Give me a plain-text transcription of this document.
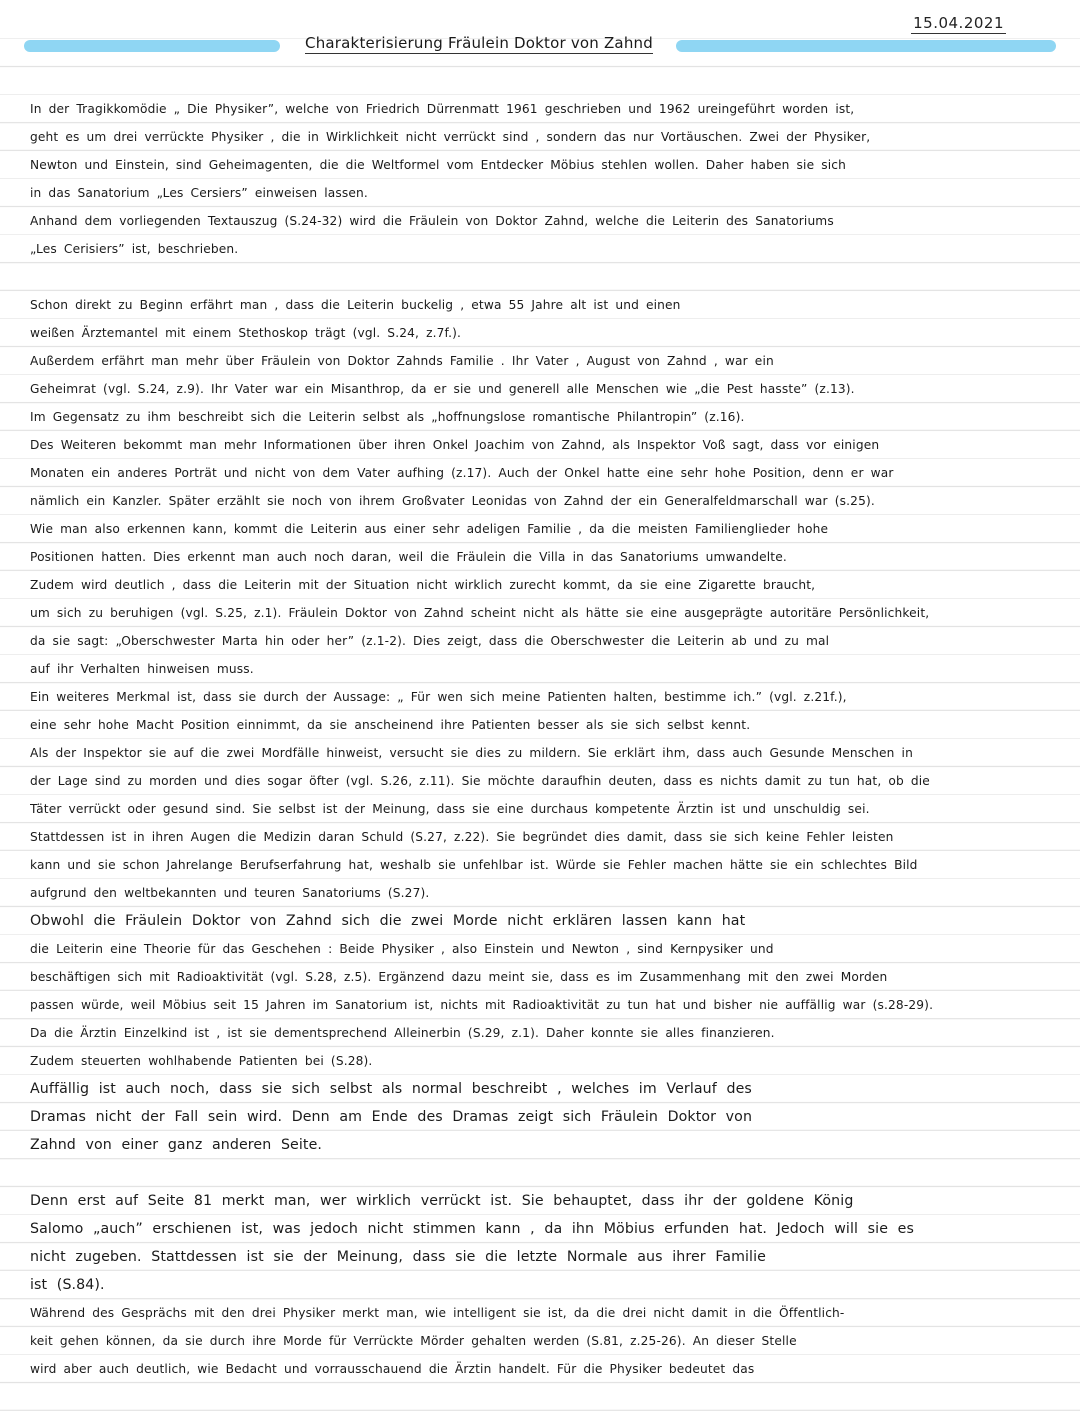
15.04.2021
Charakterisierung Fräulein Doktor von Zahnd
In der Tragikkomödie „ Die Physiker”, welche von Friedrich Dürrenmatt 1961 geschrieben und 1962 ureingeführt worden ist,
geht es um drei verrückte Physiker , die in Wirklichkeit nicht verrückt sind , sondern das nur Vortäuschen. Zwei der Physiker,
Newton und Einstein, sind Geheimagenten, die die Weltformel vom Entdecker Möbius stehlen wollen. Daher haben sie sich
in das Sanatorium „Les Cersiers” einweisen lassen.
Anhand dem vorliegenden Textauszug (S.24-32) wird die Fräulein von Doktor Zahnd, welche die Leiterin des Sanatoriums
„Les Cerisiers” ist, beschrieben.
Schon direkt zu Beginn erfährt man , dass die Leiterin buckelig , etwa 55 Jahre alt ist und einen
weißen Ärztemantel mit einem Stethoskop trägt (vgl. S.24, z.7f.).
Außerdem erfährt man mehr über Fräulein von Doktor Zahnds Familie . Ihr Vater , August von Zahnd , war ein
Geheimrat (vgl. S.24, z.9). Ihr Vater war ein Misanthrop, da er sie und generell alle Menschen wie „die Pest hasste” (z.13).
Im Gegensatz zu ihm beschreibt sich die Leiterin selbst als „hoffnungslose romantische Philantropin” (z.16).
Des Weiteren bekommt man mehr Informationen über ihren Onkel Joachim von Zahnd, als Inspektor Voß sagt, dass vor einigen
Monaten ein anderes Porträt und nicht von dem Vater aufhing (z.17). Auch der Onkel hatte eine sehr hohe Position, denn er war
nämlich ein Kanzler. Später erzählt sie noch von ihrem Großvater Leonidas von Zahnd der ein Generalfeldmarschall war (s.25).
Wie man also erkennen kann, kommt die Leiterin aus einer sehr adeligen Familie , da die meisten Familienglieder hohe
Positionen hatten. Dies erkennt man auch noch daran, weil die Fräulein die Villa in das Sanatoriums umwandelte.
Zudem wird deutlich , dass die Leiterin mit der Situation nicht wirklich zurecht kommt, da sie eine Zigarette braucht,
um sich zu beruhigen (vgl. S.25, z.1). Fräulein Doktor von Zahnd scheint nicht als hätte sie eine ausgeprägte autoritäre Persönlichkeit,
da sie sagt: „Oberschwester Marta hin oder her” (z.1-2). Dies zeigt, dass die Oberschwester die Leiterin ab und zu mal
auf ihr Verhalten hinweisen muss.
Ein weiteres Merkmal ist, dass sie durch der Aussage: „ Für wen sich meine Patienten halten, bestimme ich.” (vgl. z.21f.),
eine sehr hohe Macht Position einnimmt, da sie anscheinend ihre Patienten besser als sie sich selbst kennt.
Als der Inspektor sie auf die zwei Mordfälle hinweist, versucht sie dies zu mildern. Sie erklärt ihm, dass auch Gesunde Menschen in
der Lage sind zu morden und dies sogar öfter (vgl. S.26, z.11). Sie möchte daraufhin deuten, dass es nichts damit zu tun hat, ob die
Täter verrückt oder gesund sind. Sie selbst ist der Meinung, dass sie eine durchaus kompetente Ärztin ist und unschuldig sei.
Stattdessen ist in ihren Augen die Medizin daran Schuld (S.27, z.22). Sie begründet dies damit, dass sie sich keine Fehler leisten
kann und sie schon Jahrelange Berufserfahrung hat, weshalb sie unfehlbar ist. Würde sie Fehler machen hätte sie ein schlechtes Bild
aufgrund den weltbekannten und teuren Sanatoriums (S.27).
Obwohl die Fräulein Doktor von Zahnd sich die zwei Morde nicht erklären lassen kann hat
die Leiterin eine Theorie für das Geschehen : Beide Physiker , also Einstein und Newton , sind Kernpysiker und
beschäftigen sich mit Radioaktivität (vgl. S.28, z.5). Ergänzend dazu meint sie, dass es im Zusammenhang mit den zwei Morden
passen würde, weil Möbius seit 15 Jahren im Sanatorium ist, nichts mit Radioaktivität zu tun hat und bisher nie auffällig war (s.28-29).
Da die Ärztin Einzelkind ist , ist sie dementsprechend Alleinerbin (S.29, z.1). Daher konnte sie alles finanzieren.
Zudem steuerten wohlhabende Patienten bei (S.28).
Auffällig ist auch noch, dass sie sich selbst als normal beschreibt , welches im Verlauf des
Dramas nicht der Fall sein wird. Denn am Ende des Dramas zeigt sich Fräulein Doktor von
Zahnd von einer ganz anderen Seite.
Denn erst auf Seite 81 merkt man, wer wirklich verrückt ist. Sie behauptet, dass ihr der goldene König
Salomo „auch” erschienen ist, was jedoch nicht stimmen kann , da ihn Möbius erfunden hat. Jedoch will sie es
nicht zugeben. Stattdessen ist sie der Meinung, dass sie die letzte Normale aus ihrer Familie
ist (S.84).
Während des Gesprächs mit den drei Physiker merkt man, wie intelligent sie ist, da die drei nicht damit in die Öffentlich-
keit gehen können, da sie durch ihre Morde für Verrückte Mörder gehalten werden (S.81, z.25-26). An dieser Stelle
wird aber auch deutlich, wie Bedacht und vorrausschauend die Ärztin handelt. Für die Physiker bedeutet das
